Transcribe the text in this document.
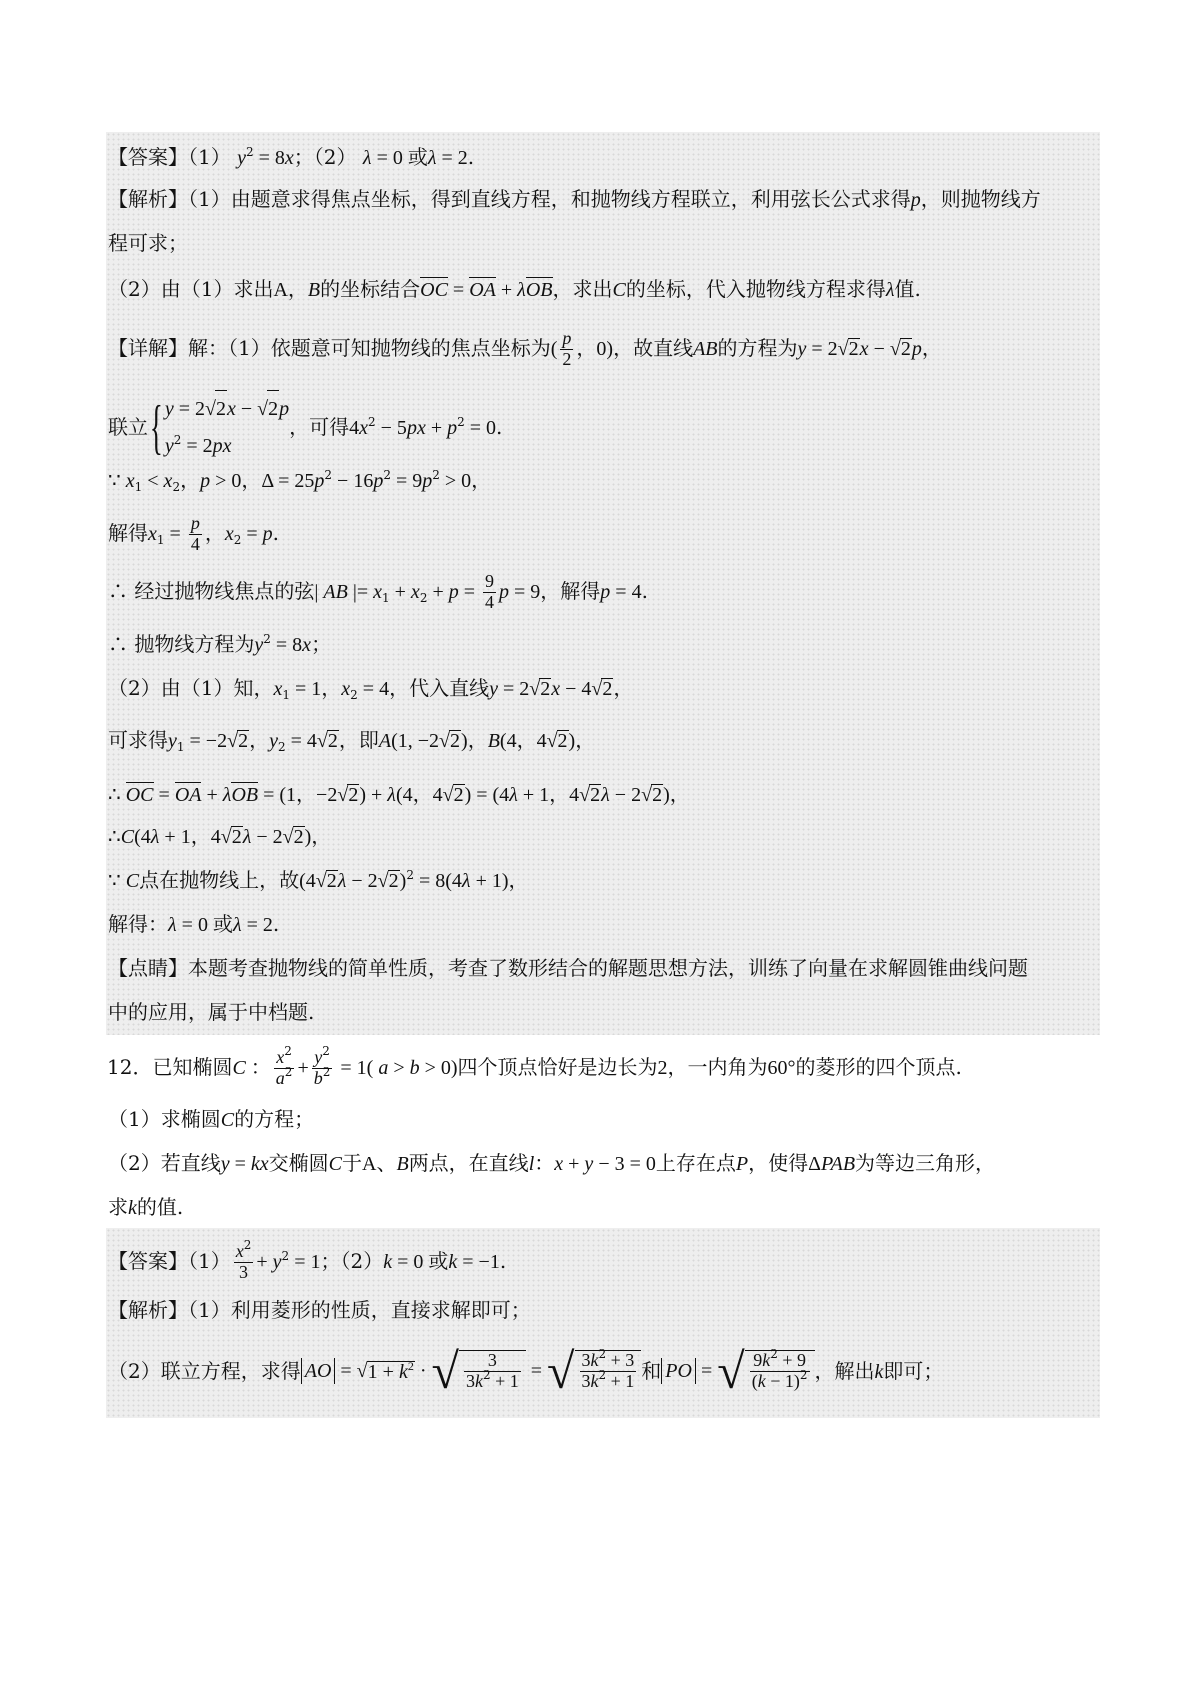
【答案】（1） $y^2 = 8x$；（2） λ = 0 或λ = 2.
【解析】（1）由题意求得焦点坐标，得到直线方程，和抛物线方程联立，利用弦长公式求得p，则抛物线方
程可求；
（2）由（1）求出A，B的坐标结合OC = OA + λOB，求出C的坐标，代入抛物线方程求得λ值.
【详解】解：（1）依题意可知抛物线的焦点坐标为( $\frac{p}{2}$ ，0)，故直线AB的方程为y = 2√2x − √2p，
联立{ y = 2√2x − √2p
$y^2 = 2px$
，可得$4x^2 - 5px + p^2 = 0$.
∵ $x_1 < x_2$，p > 0，$\Delta = 25p^2 - 16p^2 = 9p^2 > 0$，
解得$x_1 = \frac{p}{4}$ ，$x_2 = p$.
∴ 经过抛物线焦点的弦| AB |= $x_1 + x_2 + p = \frac{9}{4}$ p = 9，解得p = 4.
∴ 抛物线方程为$y^2 = 8x$；
（2）由（1）知，$x_1 = 1$，$x_2 = 4$，代入直线y = 2√2x − 4√2，
可求得$y_1 = -2√2$，$y_2 = 4√2$，即A(1, −2√2)，B(4，4√2)，
∴ OC = OA + λOB = (1，−2√2) + λ(4，4√2) = (4λ + 1，4√2λ − 2√2)，
∴C(4λ + 1，4√2λ − 2√2)，
∵ C点在抛物线上，故$(4√2\lambda - 2√2)^2 = 8(4\lambda + 1)$，
解得：λ = 0 或λ = 2.
【点睛】本题考查抛物线的简单性质，考查了数形结合的解题思想方法，训练了向量在求解圆锥曲线问题
中的应用，属于中档题.
12．已知椭圆C ： $\frac{x^2}{a^2} + \frac{y^2}{b^2} = 1$( a > b > 0)四个顶点恰好是边长为2，一内角为60°的菱形的四个顶点.
（1）求椭圆C的方程；
（2）若直线y = kx交椭圆C于A、B两点，在直线l：x + y − 3 = 0上存在点P，使得ΔPAB为等边三角形，
求k的值.
【答案】$(1) \frac{x^2}{3} + y^2 = 1$；（2）k = 0 或k = −1.
【解析】（1）利用菱形的性质，直接求解即可；
（2）联立方程，求得 AO = $√1 + k^2$ · √ $\frac{3}{3k^2 + 1}$ = √ $\frac{3k^2 + 3}{3k^2 + 1}$ 和 PO = √ $\frac{9k^2 + 9}{(k - 1)^2}$ ，解出k即可；
